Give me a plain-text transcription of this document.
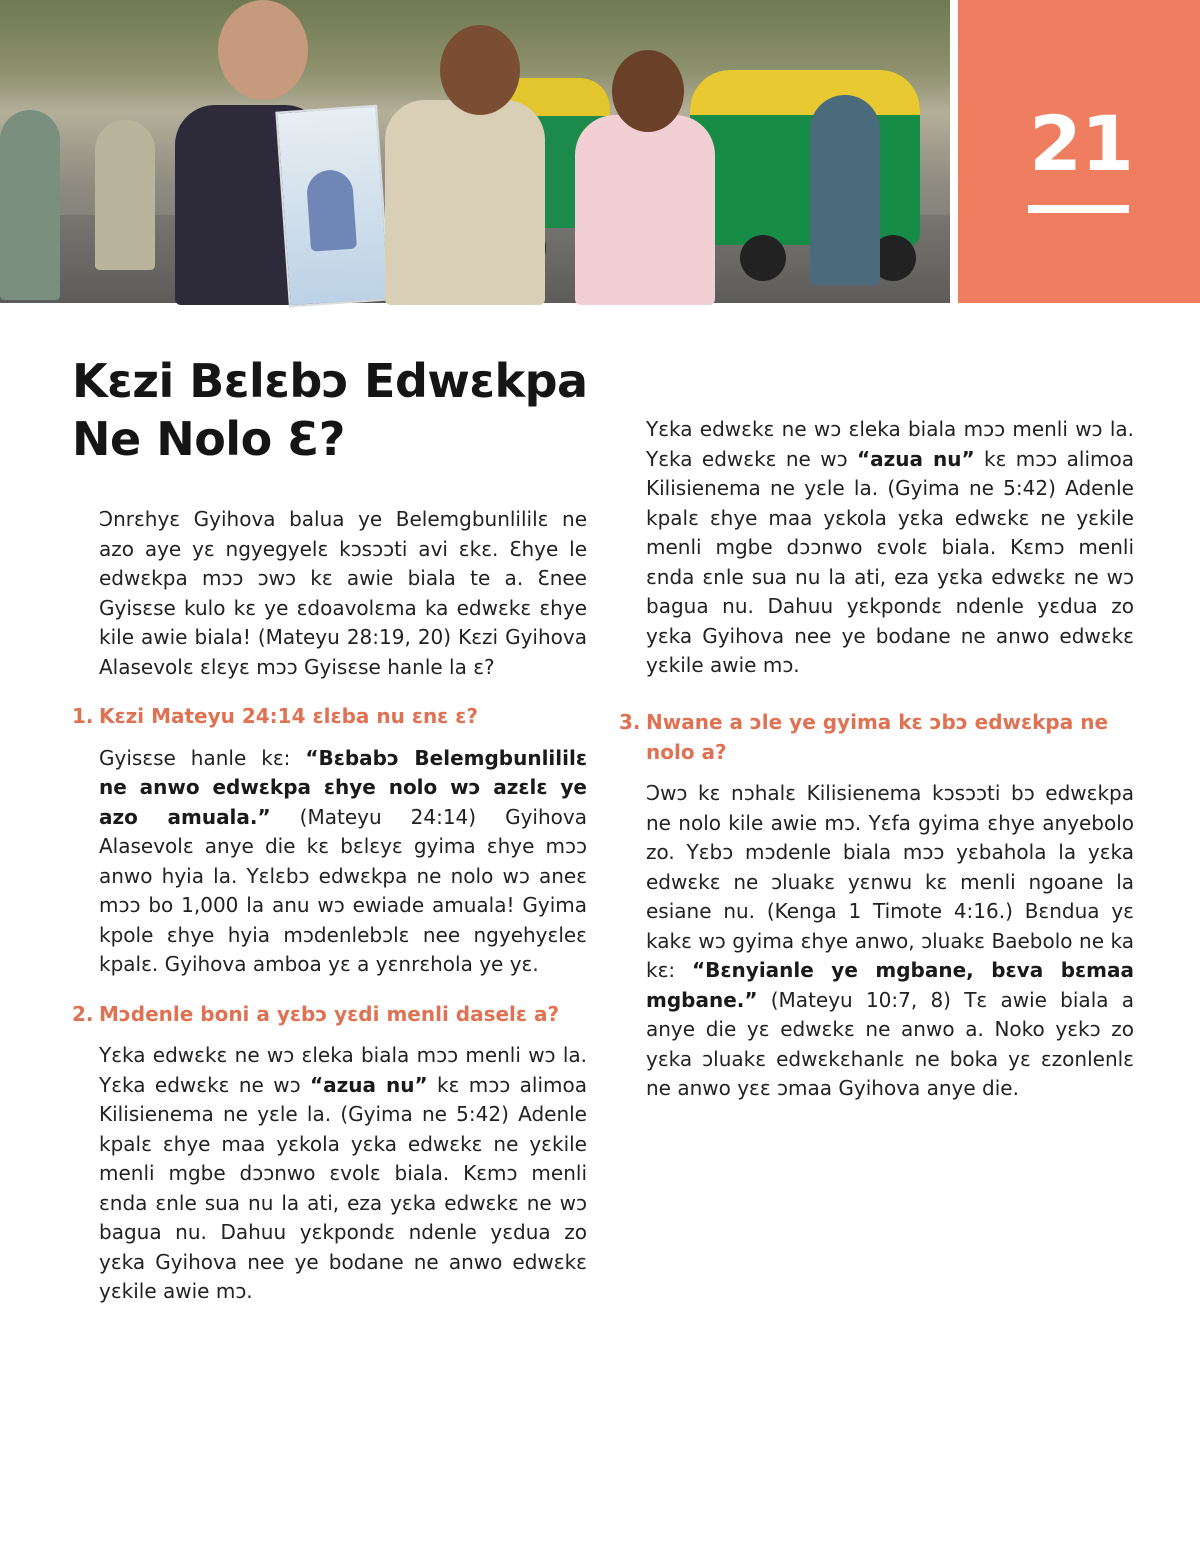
21
Kɛzi Bɛlɛbɔ Edwɛkpa
Ne Nolo Ɛ?

Ɔnrɛhyɛ Gyihova balua ye Belemgbunlililɛ ne azo aye yɛ ngyegyelɛ kɔsɔɔti avi ɛkɛ. Ɛhye le edwɛkpa mɔɔ ɔwɔ kɛ awie biala te a. Ɛnee Gyisɛse kulo kɛ ye ɛdoavolɛma ka edwɛkɛ ɛhye kile awie biala! (Mateyu 28:19, 20) Kɛzi Gyihova Alasevolɛ ɛlɛyɛ mɔɔ Gyisɛse hanle la ɛ?

1. Kɛzi Mateyu 24:14 ɛlɛba nu ɛnɛ ɛ?

Gyisɛse hanle kɛ: “Bɛbabɔ Belemgbunlililɛ ne anwo edwɛkpa ɛhye nolo wɔ azɛlɛ ye azo amuala.” (Mateyu 24:14) Gyihova Alasevolɛ anye die kɛ bɛlɛyɛ gyima ɛhye mɔɔ anwo hyia la. Yɛlɛbɔ edwɛkpa ne nolo wɔ aneɛ mɔɔ bo 1,000 la anu wɔ ewiade amuala! Gyima kpole ɛhye hyia mɔdenlebɔlɛ nee ngyehyɛleɛ kpalɛ. Gyihova amboa yɛ a yɛnrɛhola ye yɛ.

2. Mɔdenle boni a yɛbɔ yɛdi menli daselɛ a?

Yɛka edwɛkɛ ne wɔ ɛleka biala mɔɔ menli wɔ la. Yɛka edwɛkɛ ne wɔ “azua nu” kɛ mɔɔ alimoa Kilisienema ne yɛle la. (Gyima ne 5:42) Adenle kpalɛ ɛhye maa yɛkola yɛka edwɛkɛ ne yɛkile menli mgbe dɔɔnwo ɛvolɛ biala. Kɛmɔ menli ɛnda ɛnle sua nu la ati, eza yɛka edwɛkɛ ne wɔ bagua nu. Dahuu yɛkpondɛ ndenle yɛdua zo yɛka Gyihova nee ye bodane ne anwo edwɛkɛ yɛkile awie mɔ.

Yɛka edwɛkɛ ne wɔ ɛleka biala mɔɔ menli wɔ la. Yɛka edwɛkɛ ne wɔ “azua nu” kɛ mɔɔ alimoa Kilisienema ne yɛle la. (Gyima ne 5:42) Adenle kpalɛ ɛhye maa yɛkola yɛka edwɛkɛ ne yɛkile menli mgbe dɔɔnwo ɛvolɛ biala. Kɛmɔ menli ɛnda ɛnle sua nu la ati, eza yɛka edwɛkɛ ne wɔ bagua nu. Dahuu yɛkpondɛ ndenle yɛdua zo yɛka Gyihova nee ye bodane ne anwo edwɛkɛ yɛkile awie mɔ.

3. Nwane a ɔle ye gyima kɛ ɔbɔ edwɛkpa ne nolo a?

Ɔwɔ kɛ nɔhalɛ Kilisienema kɔsɔɔti bɔ edwɛkpa ne nolo kile awie mɔ. Yɛfa gyima ɛhye anyebolo zo. Yɛbɔ mɔdenle biala mɔɔ yɛbahola la yɛka edwɛkɛ ne ɔluakɛ yɛnwu kɛ menli ngoane la esiane nu. (Kenga 1 Timote 4:16.) Bɛndua yɛ kakɛ wɔ gyima ɛhye anwo, ɔluakɛ Baebolo ne ka kɛ: “Bɛnyianle ye mgbane, bɛva bɛmaa mgbane.” (Mateyu 10:7, 8) Tɛ awie biala a anye die yɛ edwɛkɛ ne anwo a. Noko yɛkɔ zo yɛka ɔluakɛ edwɛkɛhanlɛ ne boka yɛ ɛzonlenlɛ ne anwo yɛɛ ɔmaa Gyihova anye die.
